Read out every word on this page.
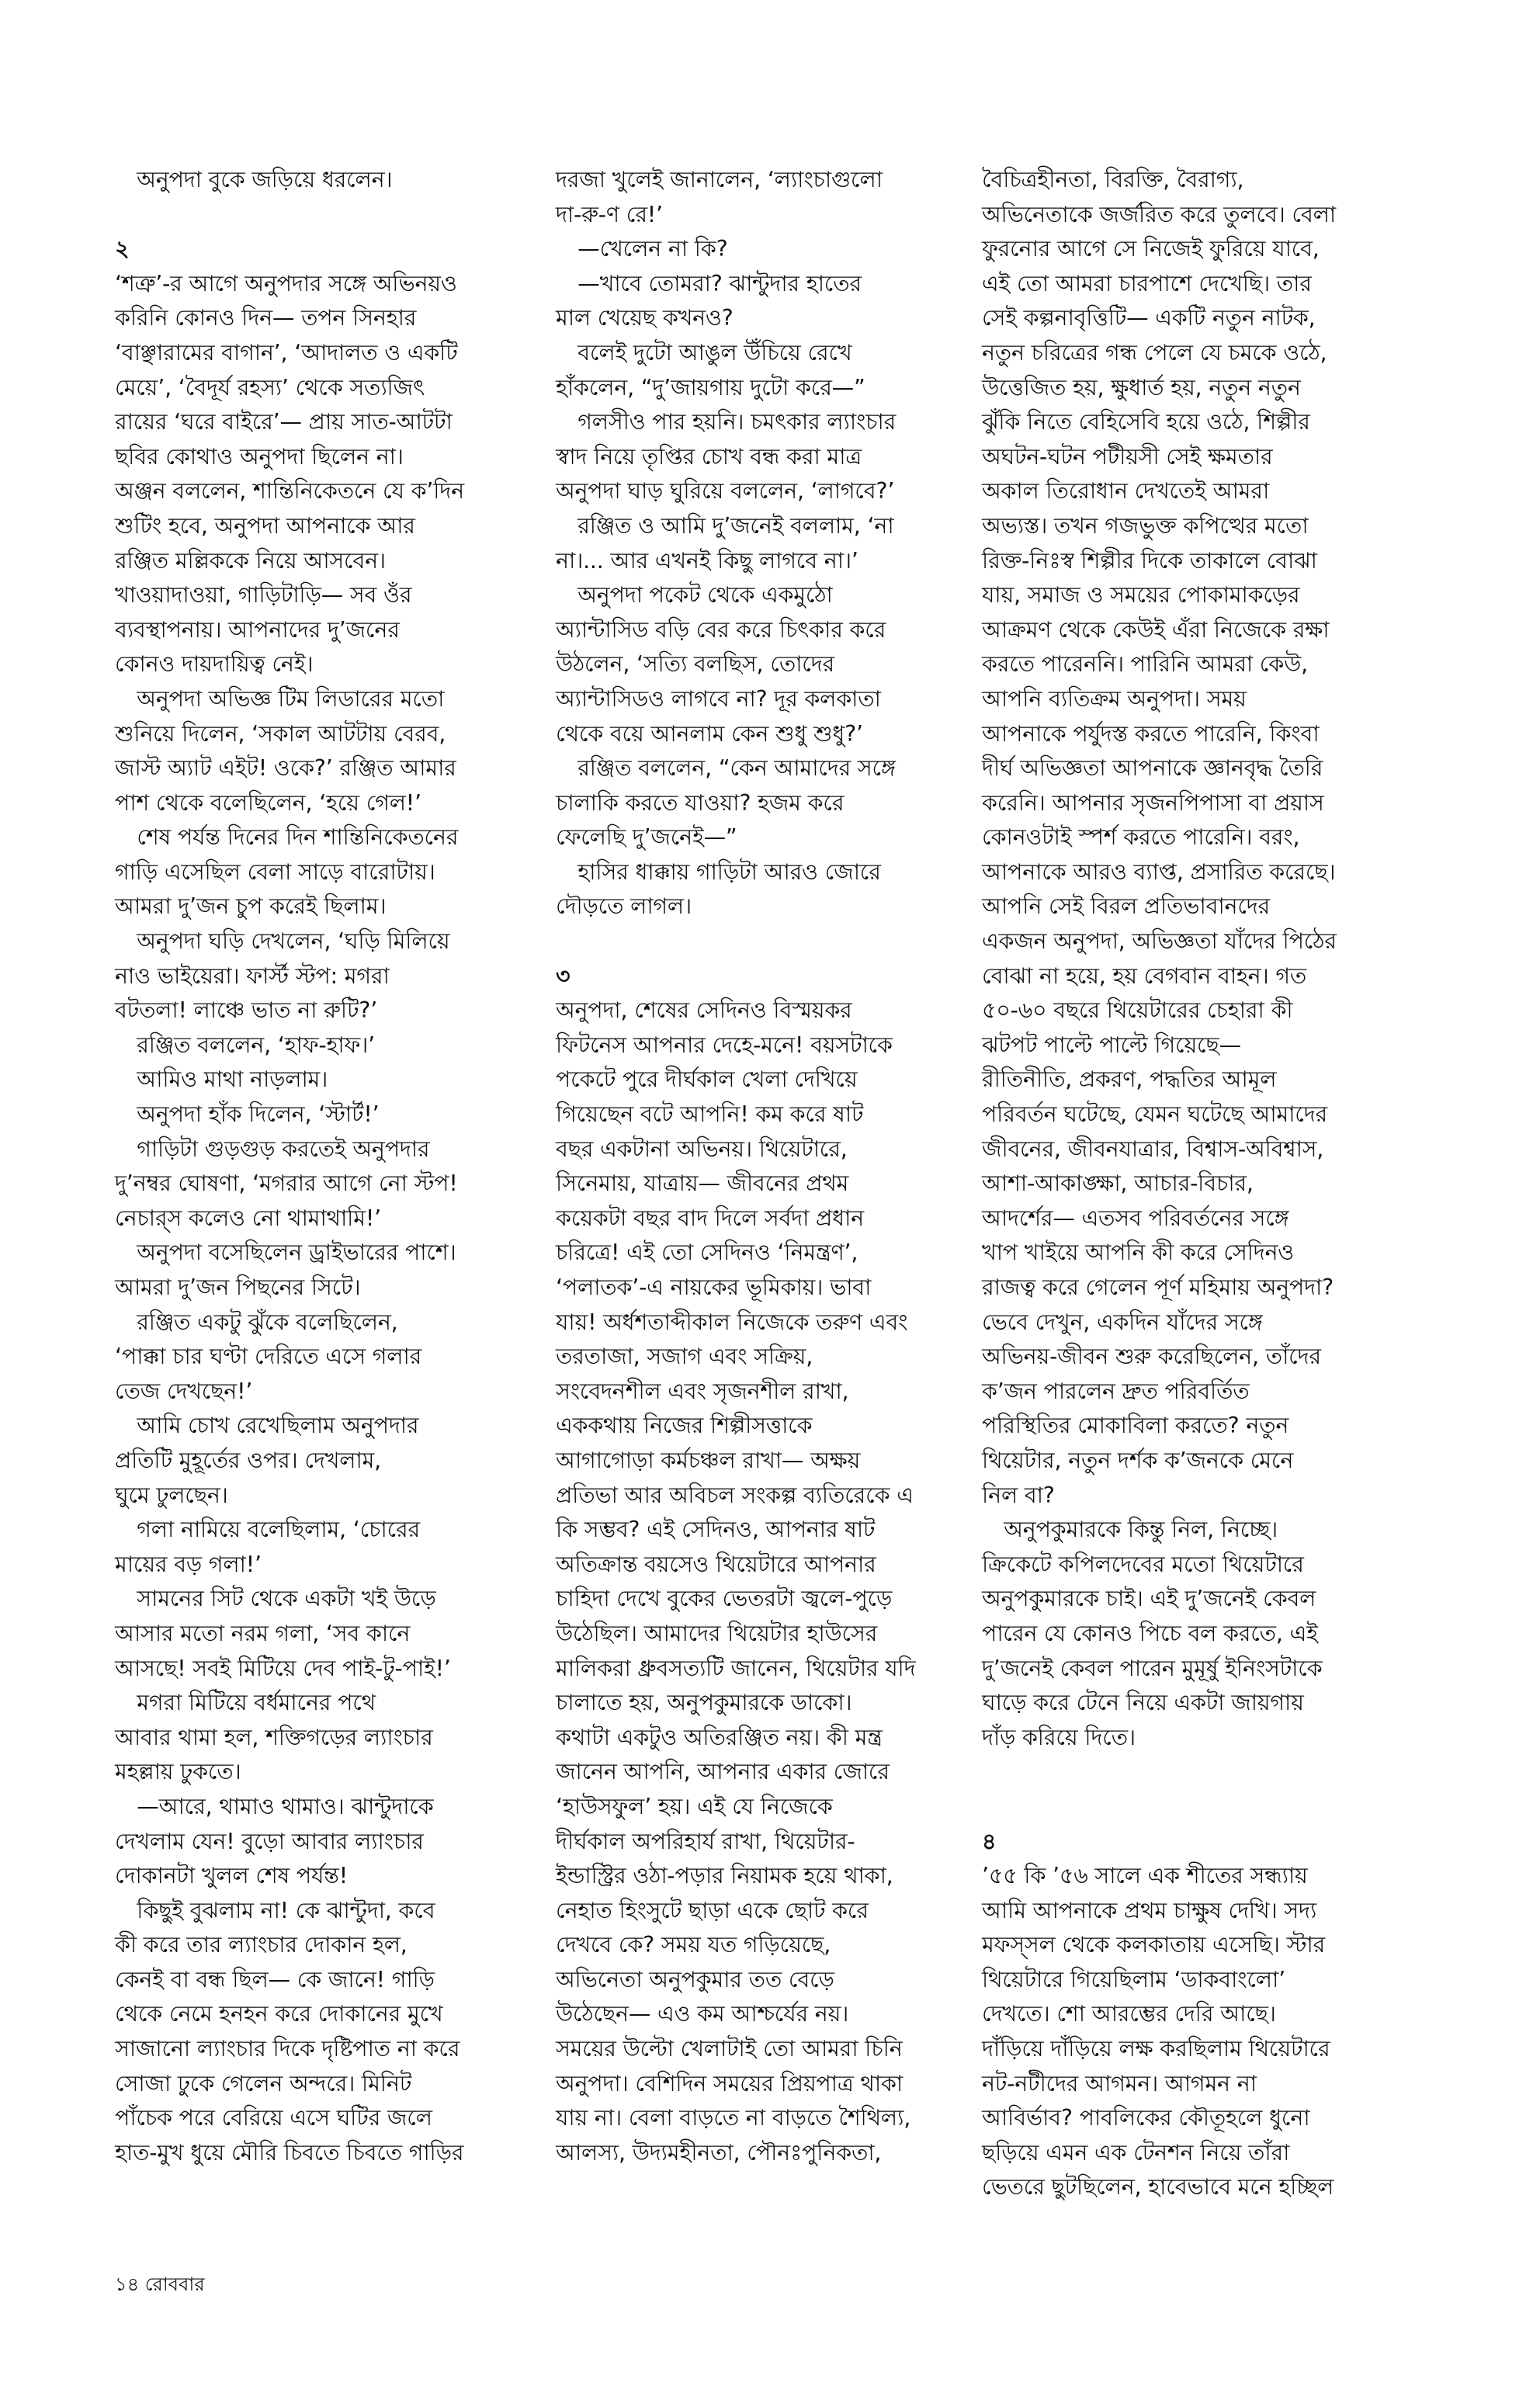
 অনুপদা বুকে জড়িয়ে ধরলেন।
২
‘শত্রু’-র আগে অনুপদার সঙ্গে অভিনয়ও
করিনি কোনও দিন— তপন সিনহার
‘বাঞ্ছারামের বাগান’, ‘আদালত ও একটি
মেয়ে’, ‘বৈদূর্য রহস্য’ থেকে সত্যজিৎ
রায়ের ‘ঘরে বাইরে’— প্রায় সাত-আটটা
ছবির কোথাও অনুপদা ছিলেন না।
অঞ্জন বললেন, শান্তিনিকেতনে যে ক’দিন
শুটিং হবে, অনুপদা আপনাকে আর
রঞ্জিত মল্লিককে নিয়ে আসবেন।
খাওয়াদাওয়া, গাড়িটাড়ি— সব ওঁর
ব্যবস্থাপনায়। আপনাদের দু’জনের
কোনও দায়দায়িত্ব নেই।
 অনুপদা অভিজ্ঞ টিম লিডারের মতো
শুনিয়ে দিলেন, ‘সকাল আটটায় বেরব,
জাস্ট অ্যাট এইট! ওকে?’ রঞ্জিত আমার
পাশ থেকে বলেছিলেন, ‘হয়ে গেল!’
 শেষ পর্যন্ত দিনের দিন শান্তিনিকেতনের
গাড়ি এসেছিল বেলা সাড়ে বারোটায়।
আমরা দু’জন চুপ করেই ছিলাম।
 অনুপদা ঘড়ি দেখলেন, ‘ঘড়ি মিলিয়ে
নাও ভাইয়েরা। ফার্স্ট স্টপ: মগরা
বটতলা! লাঞ্চে ভাত না রুটি?’
 রঞ্জিত বললেন, ‘হাফ-হাফ।’
 আমিও মাথা নাড়লাম।
 অনুপদা হাঁক দিলেন, ‘স্টার্ট!’
 গাড়িটা গুড়গুড় করতেই অনুপদার
দু’নম্বর ঘোষণা, ‘মগরার আগে নো স্টপ!
নেচার্‌স কলেও নো থামাথামি!’
 অনুপদা বসেছিলেন ড্রাইভারের পাশে।
আমরা দু’জন পিছনের সিটে।
 রঞ্জিত একটু ঝুঁকে বলেছিলেন,
‘পাক্কা চার ঘণ্টা দেরিতে এসে গলার
তেজ দেখছেন!’
 আমি চোখ রেখেছিলাম অনুপদার
প্রতিটি মুহূর্তের ওপর। দেখলাম,
ঘুমে ঢুলছেন।
 গলা নামিয়ে বলেছিলাম, ‘চোরের
মায়ের বড় গলা!’
 সামনের সিট থেকে একটা খই উড়ে
আসার মতো নরম গলা, ‘সব কানে
আসছে! সবই মিটিয়ে দেব পাই-টু-পাই!’
 মগরা মিটিয়ে বর্ধমানের পথে
আবার থামা হল, শক্তিগড়ের ল্যাংচার
মহল্লায় ঢুকতে।
 —আরে, থামাও থামাও। ঝান্টুদাকে
দেখলাম যেন! বুড়ো আবার ল্যাংচার
দোকানটা খুলল শেষ পর্যন্ত!
 কিছুই বুঝলাম না! কে ঝান্টুদা, কবে
কী করে তার ল্যাংচার দোকান হল,
কেনই বা বন্ধ ছিল— কে জানে! গাড়ি
থেকে নেমে হনহন করে দোকানের মুখে
সাজানো ল্যাংচার দিকে দৃষ্টিপাত না করে
সোজা ঢুকে গেলেন অন্দরে। মিনিট
পাঁচেক পরে বেরিয়ে এসে ঘটির জলে
হাত-মুখ ধুয়ে মৌরি চিবতে চিবতে গাড়ির
দরজা খুলেই জানালেন, ‘ল্যাংচাগুলো
দা-রু-ণ রে!’
 —খেলেন না কি?
 —খাবে তোমরা? ঝান্টুদার হাতের
মাল খেয়েছ কখনও?
 বলেই দুটো আঙুল উঁচিয়ে রেখে
হাঁকলেন, “দু’জায়গায় দুটো করে—”
 গলসীও পার হয়নি। চমৎকার ল্যাংচার
স্বাদ নিয়ে তৃপ্তির চোখ বন্ধ করা মাত্র
অনুপদা ঘাড় ঘুরিয়ে বললেন, ‘লাগবে?’
 রঞ্জিত ও আমি দু’জনেই বললাম, ‘না
না।... আর এখনই কিছু লাগবে না।’
 অনুপদা পকেট থেকে একমুঠো
অ্যান্টাসিড বড়ি বের করে চিৎকার করে
উঠলেন, ‘সত্যি বলছিস, তোদের
অ্যান্টাসিডও লাগবে না? দূর কলকাতা
থেকে বয়ে আনলাম কেন শুধু শুধু?’
 রঞ্জিত বললেন, “কেন আমাদের সঙ্গে
চালাকি করতে যাওয়া? হজম করে
ফেলেছি দু’জনেই—”
 হাসির ধাক্কায় গাড়িটা আরও জোরে
দৌড়তে লাগল।
৩
অনুপদা, শেষের সেদিনও বিস্ময়কর
ফিটনেস আপনার দেহে-মনে! বয়সটাকে
পকেটে পুরে দীর্ঘকাল খেলা দেখিয়ে
গিয়েছেন বটে আপনি! কম করে ষাট
বছর একটানা অভিনয়। থিয়েটারে,
সিনেমায়, যাত্রায়— জীবনের প্রথম
কয়েকটা বছর বাদ দিলে সর্বদা প্রধান
চরিত্রে! এই তো সেদিনও ‘নিমন্ত্রণ’,
‘পলাতক’-এ নায়কের ভূমিকায়। ভাবা
যায়! অর্ধশতাব্দীকাল নিজেকে তরুণ এবং
তরতাজা, সজাগ এবং সক্রিয়,
সংবেদনশীল এবং সৃজনশীল রাখা,
এককথায় নিজের শিল্পীসত্তাকে
আগাগোড়া কর্মচঞ্চল রাখা— অক্ষয়
প্রতিভা আর অবিচল সংকল্প ব্যতিরেকে এ
কি সম্ভব? এই সেদিনও, আপনার ষাট
অতিক্রান্ত বয়সেও থিয়েটারে আপনার
চাহিদা দেখে বুকের ভেতরটা জ্বলে-পুড়ে
উঠেছিল। আমাদের থিয়েটার হাউসের
মালিকরা ধ্রুবসত্যটি জানেন, থিয়েটার যদি
চালাতে হয়, অনুপকুমারকে ডাকো।
কথাটা একটুও অতিরঞ্জিত নয়। কী মন্ত্র
জানেন আপনি, আপনার একার জোরে
‘হাউসফুল’ হয়। এই যে নিজেকে
দীর্ঘকাল অপরিহার্য রাখা, থিয়েটার-
ইন্ডাস্ট্রির ওঠা-পড়ার নিয়ামক হয়ে থাকা,
নেহাত হিংসুটে ছাড়া একে ছোট করে
দেখবে কে? সময় যত গড়িয়েছে,
অভিনেতা অনুপকুমার তত বেড়ে
উঠেছেন— এও কম আশ্চর্যের নয়।
সময়ের উল্টো খেলাটাই তো আমরা চিনি
অনুপদা। বেশিদিন সময়ের প্রিয়পাত্র থাকা
যায় না। বেলা বাড়তে না বাড়তে শৈথিল্য,
আলস্য, উদ্যমহীনতা, পৌনঃপুনিকতা,
বৈচিত্রহীনতা, বিরক্তি, বৈরাগ্য,
অভিনেতাকে জর্জরিত করে তুলবে। বেলা
ফুরনোর আগে সে নিজেই ফুরিয়ে যাবে,
এই তো আমরা চারপাশে দেখেছি। তার
সেই কল্পনাবৃত্তিটি— একটি নতুন নাটক,
নতুন চরিত্রের গন্ধ পেলে যে চমকে ওঠে,
উত্তেজিত হয়, ক্ষুধার্ত হয়, নতুন নতুন
ঝুঁকি নিতে বেহিসেবি হয়ে ওঠে, শিল্পীর
অঘটন-ঘটন পটীয়সী সেই ক্ষমতার
অকাল তিরোধান দেখতেই আমরা
অভ্যস্ত। তখন গজভুক্ত কপিত্থের মতো
রিক্ত-নিঃস্ব শিল্পীর দিকে তাকালে বোঝা
যায়, সমাজ ও সময়ের পোকামাকড়ের
আক্রমণ থেকে কেউই এঁরা নিজেকে রক্ষা
করতে পারেননি। পারিনি আমরা কেউ,
আপনি ব্যতিক্রম অনুপদা। সময়
আপনাকে পর্যুদস্ত করতে পারেনি, কিংবা
দীর্ঘ অভিজ্ঞতা আপনাকে জ্ঞানবৃদ্ধ তৈরি
করেনি। আপনার সৃজনপিপাসা বা প্রয়াস
কোনওটাই স্পর্শ করতে পারেনি। বরং,
আপনাকে আরও ব্যাপ্ত, প্রসারিত করেছে।
আপনি সেই বিরল প্রতিভাবানদের
একজন অনুপদা, অভিজ্ঞতা যাঁদের পিঠের
বোঝা না হয়ে, হয় বেগবান বাহন। গত
৫০-৬০ বছরে থিয়েটারের চেহারা কী
ঝটপট পাল্টে পাল্টে গিয়েছে—
রীতিনীতি, প্রকরণ, পদ্ধতির আমূল
পরিবর্তন ঘটেছে, যেমন ঘটেছে আমাদের
জীবনের, জীবনযাত্রার, বিশ্বাস-অবিশ্বাস,
আশা-আকাঙ্ক্ষা, আচার-বিচার,
আদর্শের— এতসব পরিবর্তনের সঙ্গে
খাপ খাইয়ে আপনি কী করে সেদিনও
রাজত্ব করে গেলেন পূর্ণ মহিমায় অনুপদা?
ভেবে দেখুন, একদিন যাঁদের সঙ্গে
অভিনয়-জীবন শুরু করেছিলেন, তাঁদের
ক’জন পারলেন দ্রুত পরিবর্তিত
পরিস্থিতির মোকাবিলা করতে? নতুন
থিয়েটার, নতুন দর্শক ক’জনকে মেনে
নিল বা?
 অনুপকুমারকে কিন্তু নিল, নিচ্ছে।
ক্রিকেটে কপিলদেবের মতো থিয়েটারে
অনুপকুমারকে চাই। এই দু’জনেই কেবল
পারেন যে কোনও পিচে বল করতে, এই
দু’জনেই কেবল পারেন মুমূর্ষু ইনিংসটাকে
ঘাড়ে করে টেনে নিয়ে একটা জায়গায়
দাঁড় করিয়ে দিতে।
৪
’৫৫ কি ’৫৬ সালে এক শীতের সন্ধ্যায়
আমি আপনাকে প্রথম চাক্ষুষ দেখি। সদ্য
মফস্সল থেকে কলকাতায় এসেছি। স্টার
থিয়েটারে গিয়েছিলাম ‘ডাকবাংলো’
দেখতে। শো আরম্ভের দেরি আছে।
দাঁড়িয়ে দাঁড়িয়ে লক্ষ করছিলাম থিয়েটারে
নট-নটীদের আগমন। আগমন না
আবির্ভাব? পাবলিকের কৌতূহলে ধুনো
ছড়িয়ে এমন এক টেনশন নিয়ে তাঁরা
ভেতরে ছুটছিলেন, হাবেভাবে মনে হচ্ছিল
১৪ রোববার
